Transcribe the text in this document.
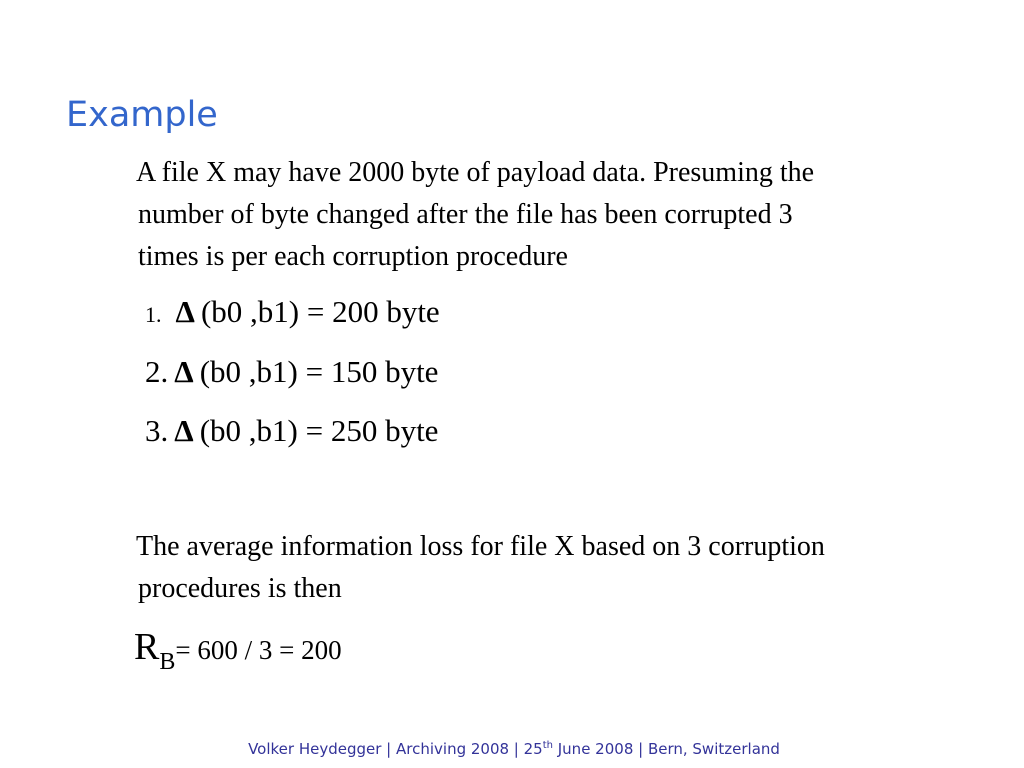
Example
A file X may have 2000 byte of payload data. Presuming the
number of byte changed after the file has been corrupted 3
times is per each corruption procedure
1. Δ (b0 ,b1) = 200 byte
2. Δ (b0 ,b1) = 150 byte
3. Δ (b0 ,b1) = 250 byte
The average information loss for file X based on 3 corruption
procedures is then
RB= 600 / 3 = 200
Volker Heydegger | Archiving 2008 | 25th June 2008 | Bern, Switzerland
